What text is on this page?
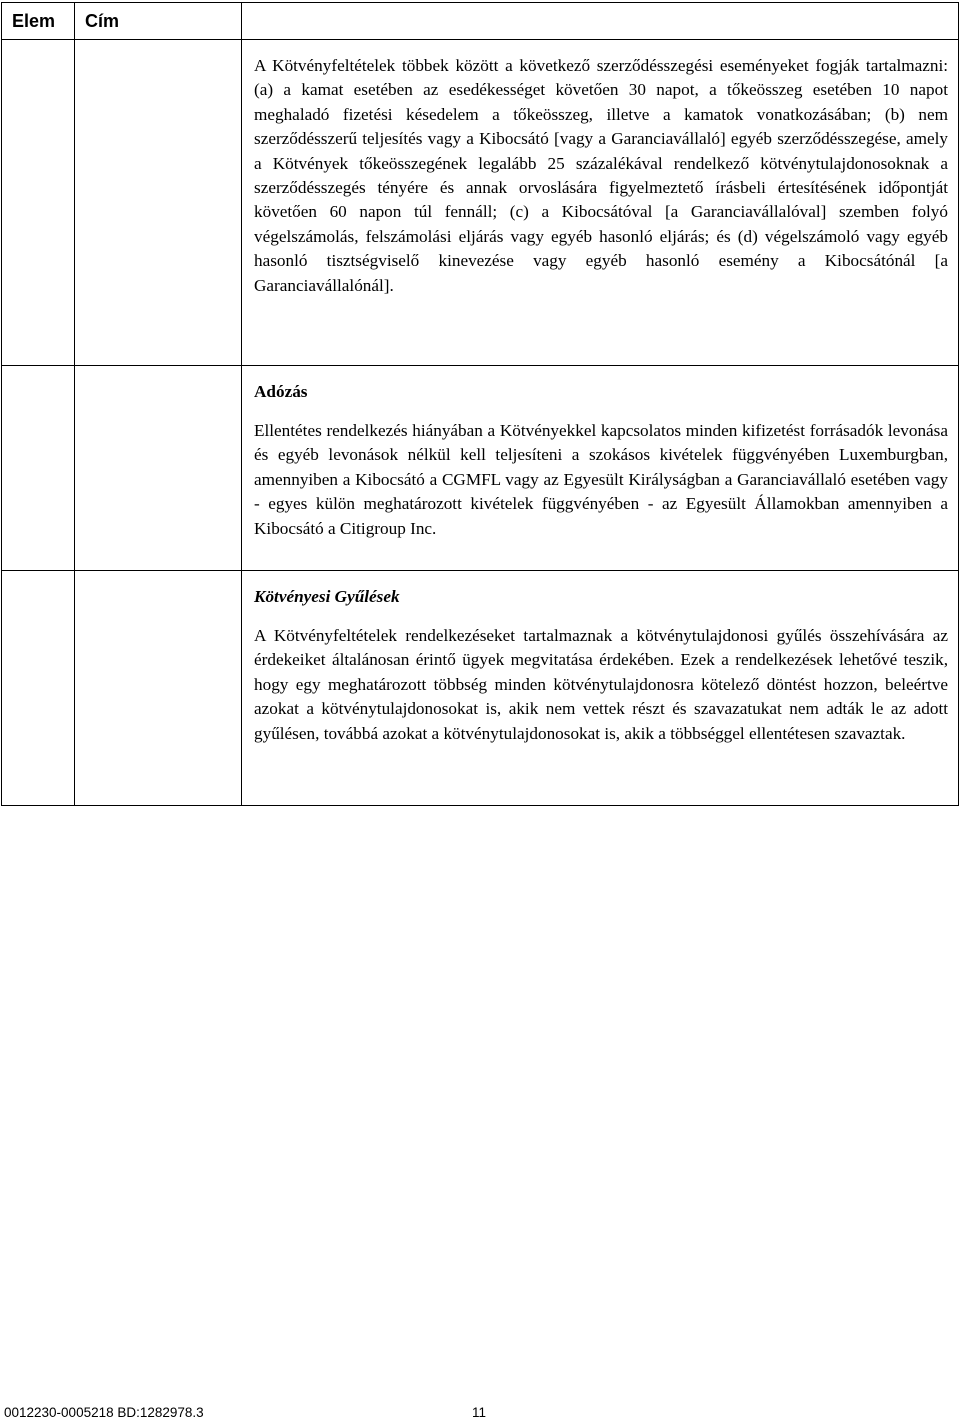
Elem	Cím	

		A Kötvényfeltételek többek között a következő szerződésszegési eseményeket fogják tartalmazni: (a) a kamat esetében az esedékességet követően 30 napot, a tőkeösszeg esetében 10 napot meghaladó fizetési késedelem a tőkeösszeg, illetve a kamatok vonatkozásában; (b) nem szerződésszerű teljesítés vagy a Kibocsátó [vagy a Garanciavállaló] egyéb szerződésszegése, amely a Kötvények tőkeösszegének legalább 25 százalékával rendelkező kötvénytulajdonosoknak a szerződésszegés tényére és annak orvoslására figyelmeztető írásbeli értesítésének időpontját követően 60 napon túl fennáll; (c) a Kibocsátóval [a Garanciavállalóval] szemben folyó végelszámolás, felszámolási eljárás vagy egyéb hasonló eljárás; és (d) végelszámoló vagy egyéb hasonló tisztségviselő kinevezése vagy egyéb hasonló esemény a Kibocsátónál [a Garanciavállalónál].

		Adózás

Ellentétes rendelkezés hiányában a Kötvényekkel kapcsolatos minden kifizetést forrásadók levonása és egyéb levonások nélkül kell teljesíteni a szokásos kivételek függvényében Luxemburgban, amennyiben a Kibocsátó a CGMFL vagy az Egyesült Királyságban a Garanciavállaló esetében vagy - egyes külön meghatározott kivételek függvényében - az Egyesült Államokban amennyiben a Kibocsátó a Citigroup Inc.

		Kötvényesi Gyűlések

A Kötvényfeltételek rendelkezéseket tartalmaznak a kötvénytulajdonosi gyűlés összehívására az érdekeiket általánosan érintő ügyek megvitatása érdekében. Ezek a rendelkezések lehetővé teszik, hogy egy meghatározott többség minden kötvénytulajdonosra kötelező döntést hozzon, beleértve azokat a kötvénytulajdonosokat is, akik nem vettek részt és szavazatukat nem adták le az adott gyűlésen, továbbá azokat a kötvénytulajdonosokat is, akik a többséggel ellentétesen szavaztak.

0012230-0005218 BD:1282978.3	11
